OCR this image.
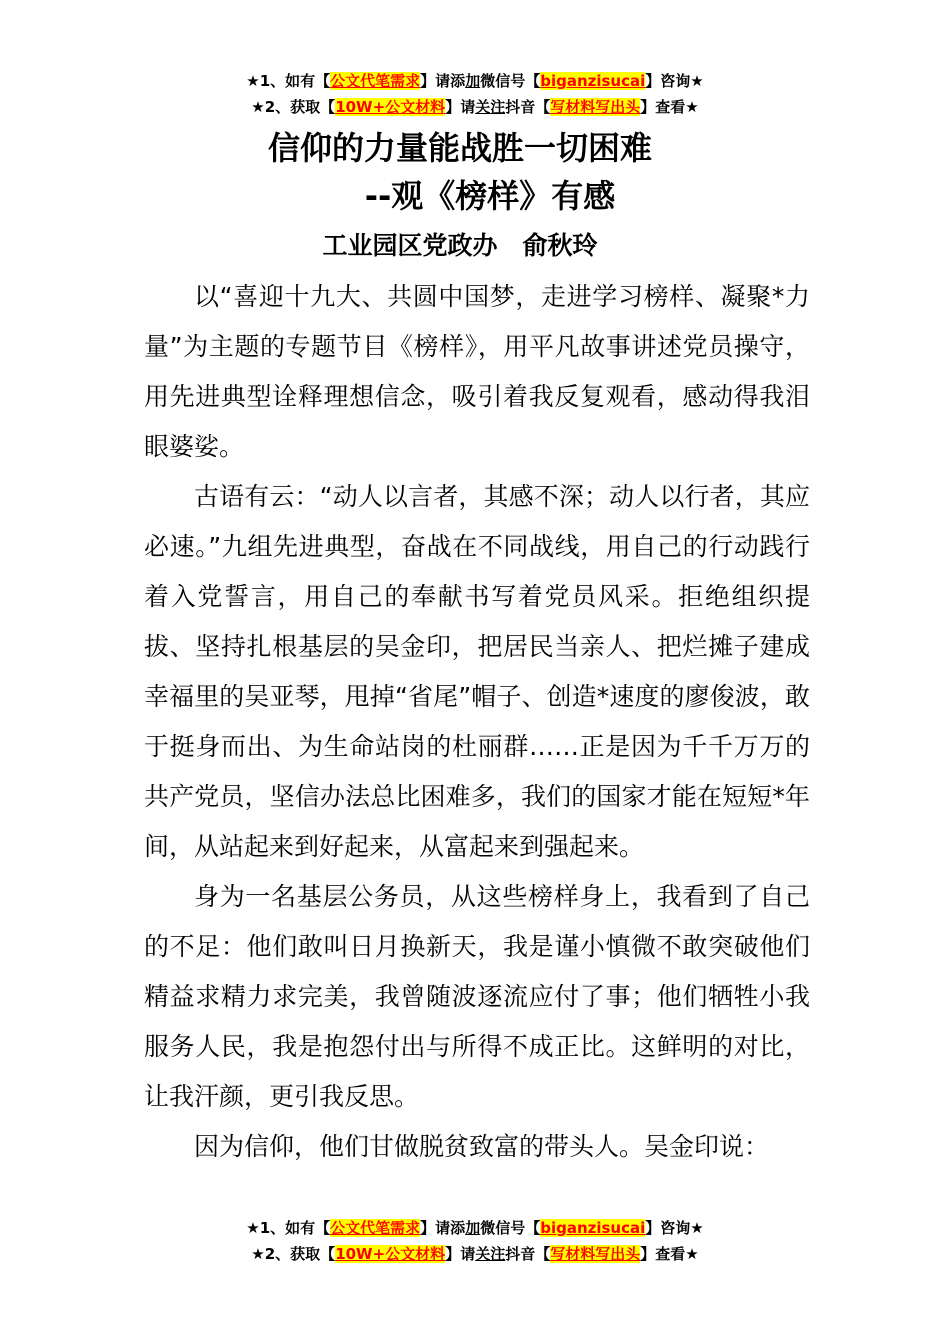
★1、如有【公文代笔需求】请添加微信号【biganzisucai】咨询★
★2、获取【10W+公文材料】请关注抖音【写材料写出头】查看★
信仰的力量能战胜一切困难
--观《榜样》有感
工业园区党政办　俞秋玲

以“喜迎十九大、共圆中国梦，走进学习榜样、凝聚*力量”为主题的专题节目《榜样》，用平凡故事讲述党员操守，用先进典型诠释理想信念，吸引着我反复观看，感动得我泪眼婆娑。

古语有云：“动人以言者，其感不深；动人以行者，其应必速。”九组先进典型，奋战在不同战线，用自己的行动践行着入党誓言，用自己的奉献书写着党员风采。拒绝组织提拔、坚持扎根基层的吴金印，把居民当亲人、把烂摊子建成幸福里的吴亚琴，甩掉“省尾”帽子、创造*速度的廖俊波，敢于挺身而出、为生命站岗的杜丽群……正是因为千千万万的共产党员，坚信办法总比困难多，我们的国家才能在短短*年间，从站起来到好起来，从富起来到强起来。

身为一名基层公务员，从这些榜样身上，我看到了自己的不足：他们敢叫日月换新天，我是谨小慎微不敢突破他们精益求精力求完美，我曾随波逐流应付了事；他们牺牲小我服务人民，我是抱怨付出与所得不成正比。这鲜明的对比，让我汗颜，更引我反思。

因为信仰，他们甘做脱贫致富的带头人。吴金印说：

★1、如有【公文代笔需求】请添加微信号【biganzisucai】咨询★
★2、获取【10W+公文材料】请关注抖音【写材料写出头】查看★
